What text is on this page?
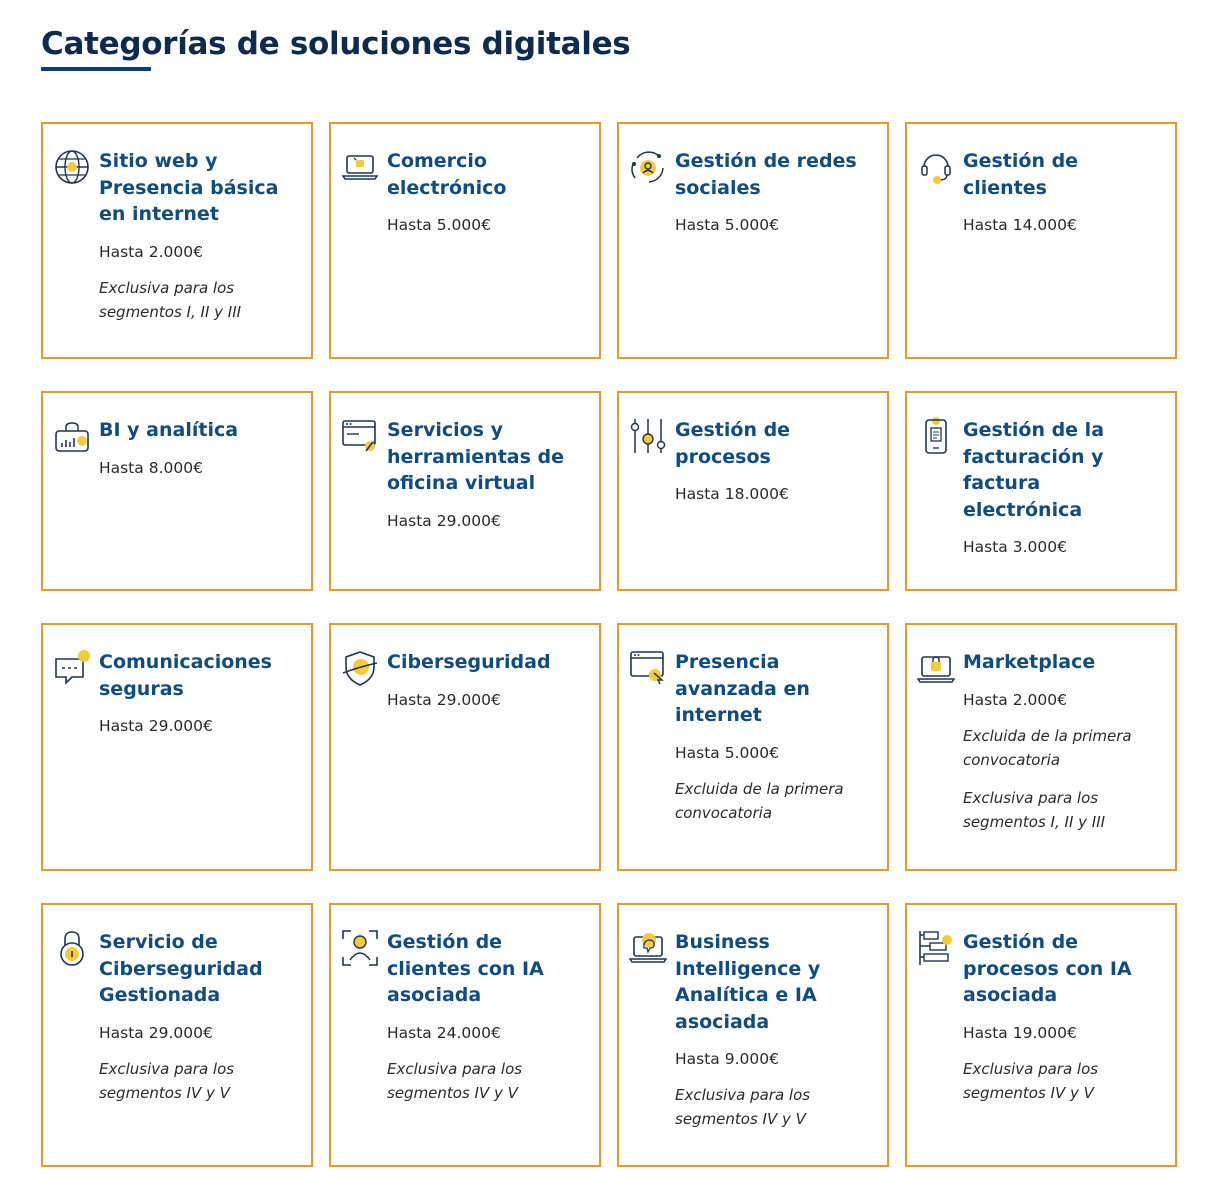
Categorías de soluciones digitales
Sitio web y Presencia básica en internet

Hasta 2.000€

Exclusiva para los segmentos I, II y III

Comercio electrónico

Hasta 5.000€

Gestión de redes sociales

Hasta 5.000€

Gestión de clientes

Hasta 14.000€

BI y analítica

Hasta 8.000€

Servicios y herramientas de oficina virtual

Hasta 29.000€

Gestión de procesos

Hasta 18.000€

Gestión de la facturación y factura electrónica

Hasta 3.000€

Comunicaciones seguras

Hasta 29.000€

Ciberseguridad

Hasta 29.000€

Presencia avanzada en internet

Hasta 5.000€

Excluida de la primera convocatoria

Marketplace

Hasta 2.000€

Excluida de la primera convocatoria

Exclusiva para los segmentos I, II y III

Servicio de Ciberseguridad Gestionada

Hasta 29.000€

Exclusiva para los segmentos IV y V

Gestión de clientes con IA asociada

Hasta 24.000€

Exclusiva para los segmentos IV y V

Business Intelligence y Analítica e IA asociada

Hasta 9.000€

Exclusiva para los segmentos IV y V

Gestión de procesos con IA asociada

Hasta 19.000€

Exclusiva para los segmentos IV y V
